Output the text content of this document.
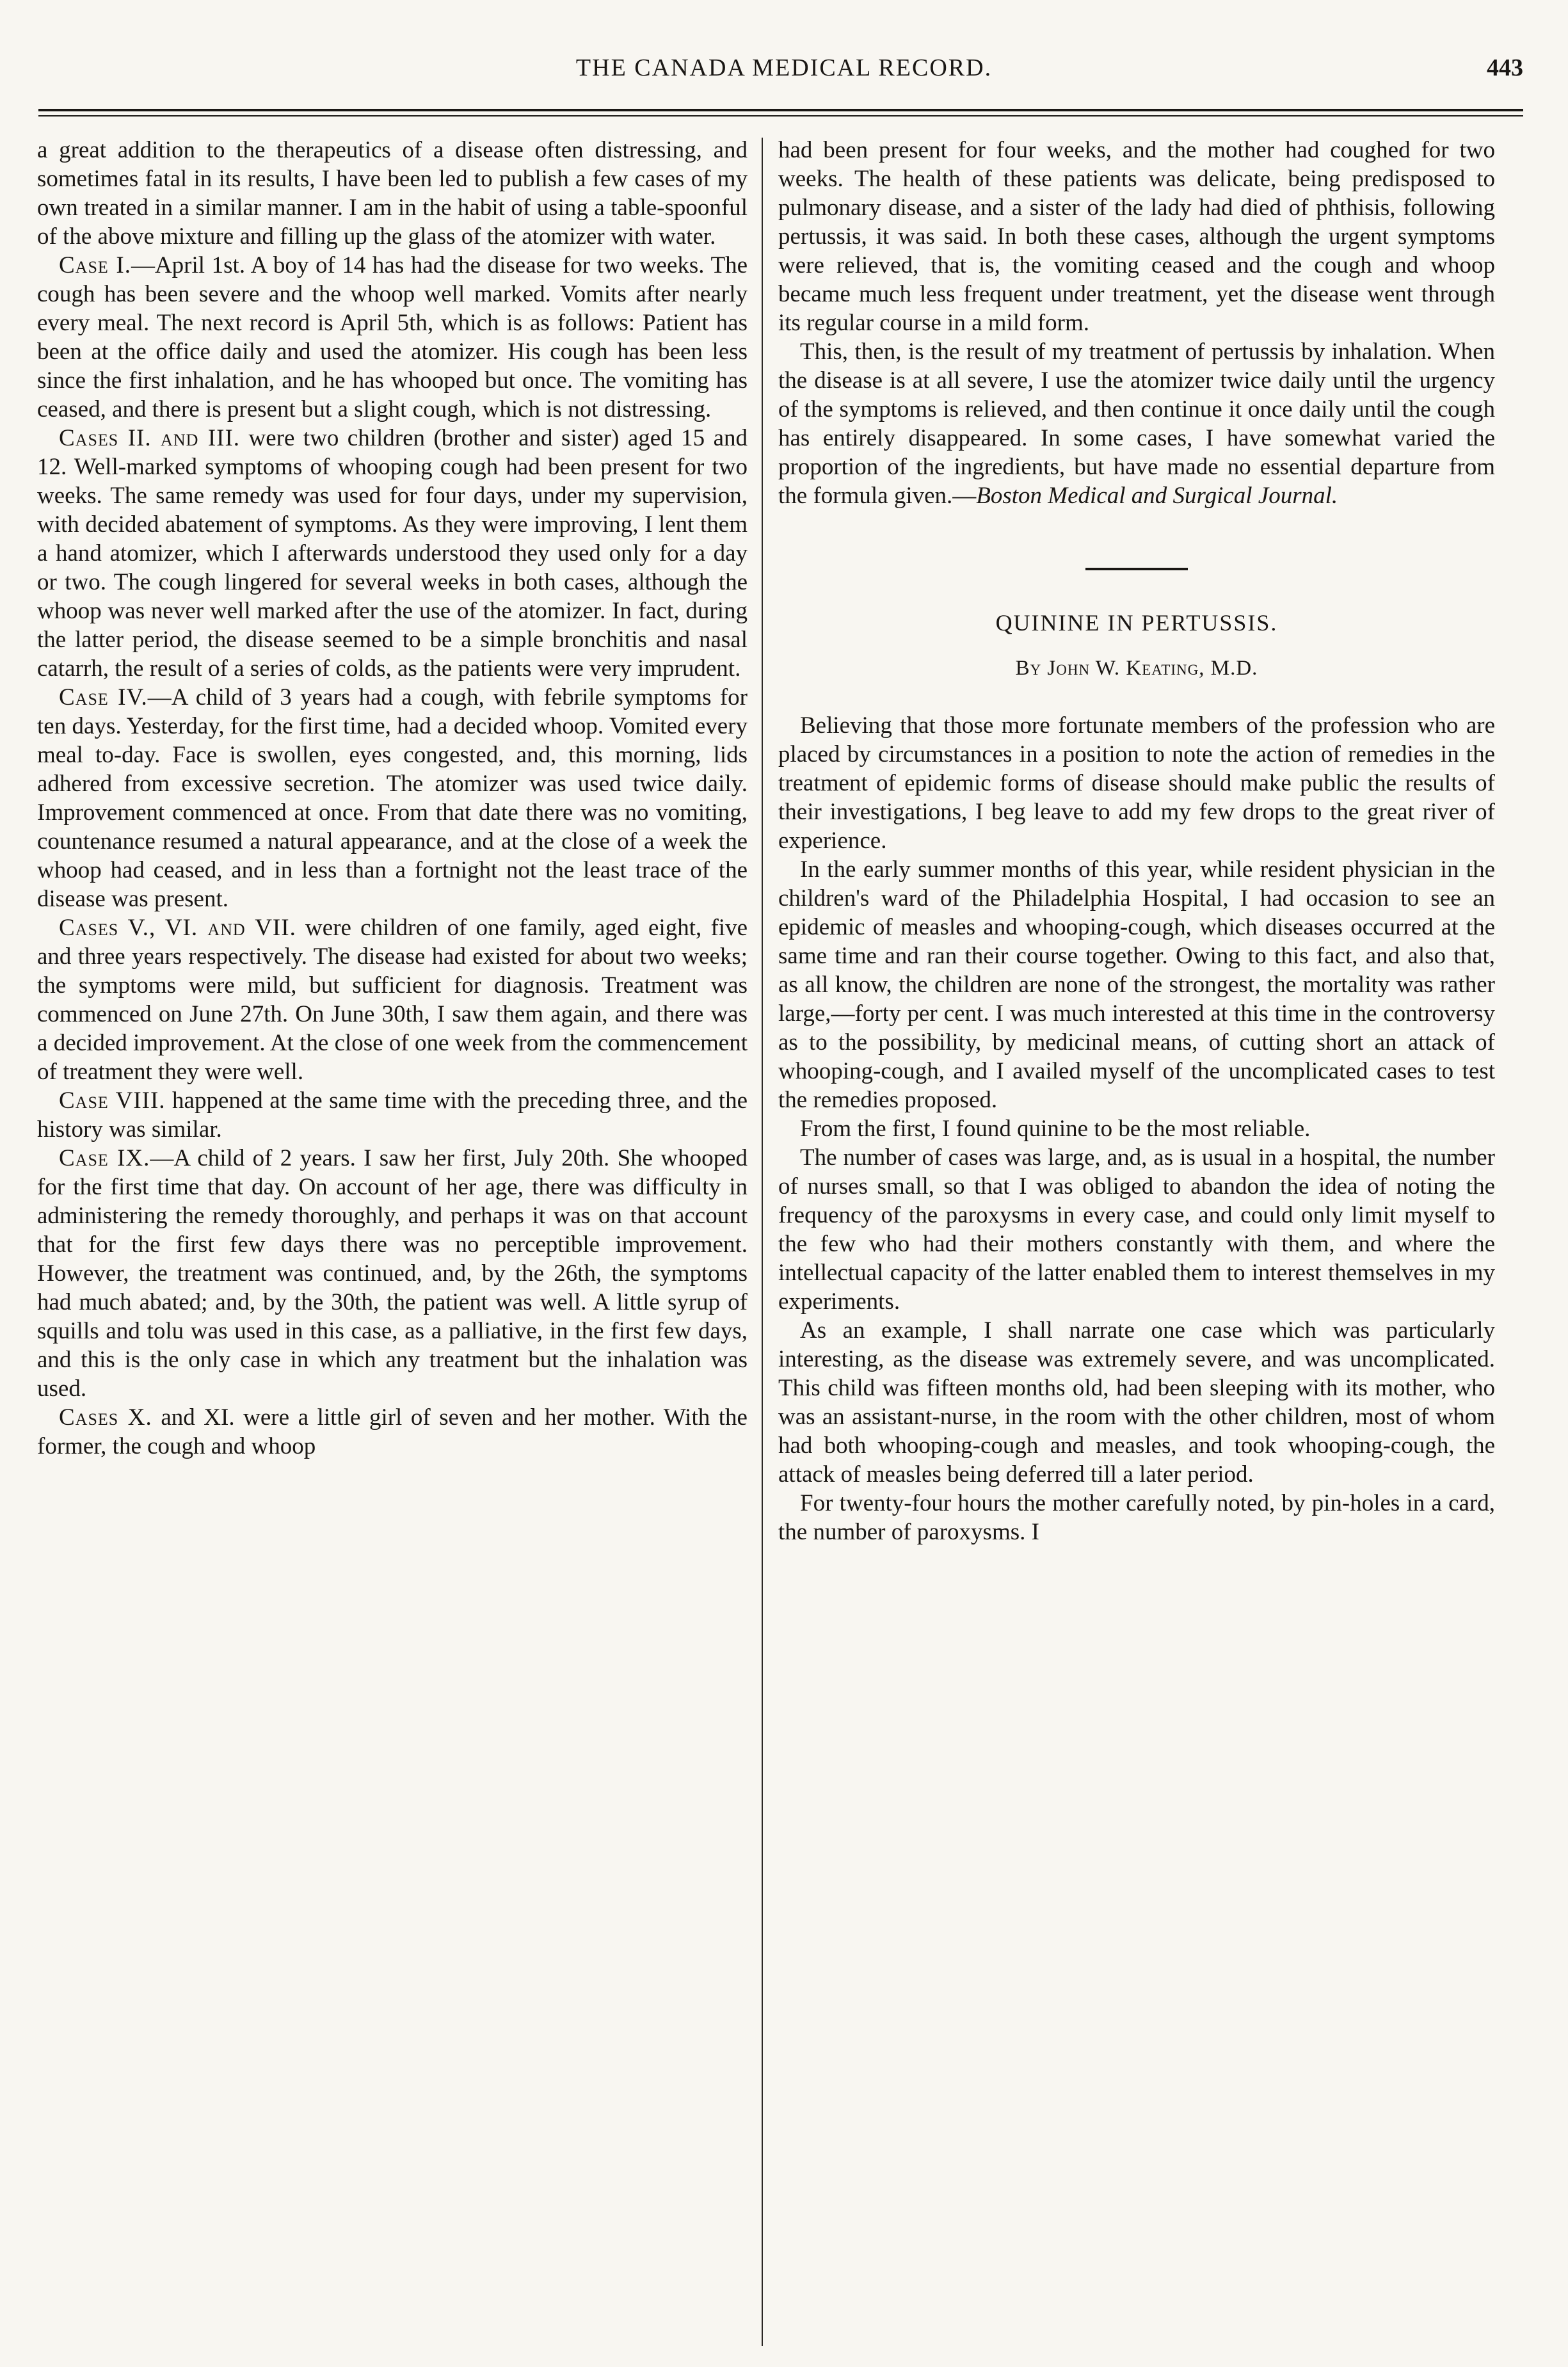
THE CANADA MEDICAL RECORD.	443

a great addition to the therapeutics of a disease often distressing, and sometimes fatal in its results, I have been led to publish a few cases of my own treated in a similar manner. I am in the habit of using a table-spoonful of the above mixture and filling up the glass of the atomizer with water.

Case I.—April 1st. A boy of 14 has had the disease for two weeks. The cough has been severe and the whoop well marked. Vomits after nearly every meal. The next record is April 5th, which is as follows: Patient has been at the office daily and used the atomizer. His cough has been less since the first inhalation, and he has whooped but once. The vomiting has ceased, and there is present but a slight cough, which is not distressing.

Cases II. and III. were two children (brother and sister) aged 15 and 12. Well-marked symptoms of whooping cough had been present for two weeks. The same remedy was used for four days, under my supervision, with decided abatement of symptoms. As they were improving, I lent them a hand atomizer, which I afterwards understood they used only for a day or two. The cough lingered for several weeks in both cases, although the whoop was never well marked after the use of the atomizer. In fact, during the latter period, the disease seemed to be a simple bronchitis and nasal catarrh, the result of a series of colds, as the patients were very imprudent.

Case IV.—A child of 3 years had a cough, with febrile symptoms for ten days. Yesterday, for the first time, had a decided whoop. Vomited every meal to-day. Face is swollen, eyes congested, and, this morning, lids adhered from excessive secretion. The atomizer was used twice daily. Improvement commenced at once. From that date there was no vomiting, countenance resumed a natural appearance, and at the close of a week the whoop had ceased, and in less than a fortnight not the least trace of the disease was present.

Cases V., VI. and VII. were children of one family, aged eight, five and three years respectively. The disease had existed for about two weeks; the symptoms were mild, but sufficient for diagnosis. Treatment was commenced on June 27th. On June 30th, I saw them again, and there was a decided improvement. At the close of one week from the commencement of treatment they were well.

Case VIII. happened at the same time with the preceding three, and the history was similar.

Case IX.—A child of 2 years. I saw her first, July 20th. She whooped for the first time that day. On account of her age, there was difficulty in administering the remedy thoroughly, and perhaps it was on that account that for the first few days there was no perceptible improvement. However, the treatment was continued, and, by the 26th, the symptoms had much abated; and, by the 30th, the patient was well. A little syrup of squills and tolu was used in this case, as a palliative, in the first few days, and this is the only case in which any treatment but the inhalation was used.

Cases X. and XI. were a little girl of seven and her mother. With the former, the cough and whoop

had been present for four weeks, and the mother had coughed for two weeks. The health of these patients was delicate, being predisposed to pulmonary disease, and a sister of the lady had died of phthisis, following pertussis, it was said. In both these cases, although the urgent symptoms were relieved, that is, the vomiting ceased and the cough and whoop became much less frequent under treatment, yet the disease went through its regular course in a mild form.

This, then, is the result of my treatment of pertussis by inhalation. When the disease is at all severe, I use the atomizer twice daily until the urgency of the symptoms is relieved, and then continue it once daily until the cough has entirely disappeared. In some cases, I have somewhat varied the proportion of the ingredients, but have made no essential departure from the formula given.—Boston Medical and Surgical Journal.

QUININE IN PERTUSSIS.
By John W. Keating, M.D.

Believing that those more fortunate members of the profession who are placed by circumstances in a position to note the action of remedies in the treatment of epidemic forms of disease should make public the results of their investigations, I beg leave to add my few drops to the great river of experience.

In the early summer months of this year, while resident physician in the children's ward of the Philadelphia Hospital, I had occasion to see an epidemic of measles and whooping-cough, which diseases occurred at the same time and ran their course together. Owing to this fact, and also that, as all know, the children are none of the strongest, the mortality was rather large,—forty per cent. I was much interested at this time in the controversy as to the possibility, by medicinal means, of cutting short an attack of whooping-cough, and I availed myself of the uncomplicated cases to test the remedies proposed.

From the first, I found quinine to be the most reliable.

The number of cases was large, and, as is usual in a hospital, the number of nurses small, so that I was obliged to abandon the idea of noting the frequency of the paroxysms in every case, and could only limit myself to the few who had their mothers constantly with them, and where the intellectual capacity of the latter enabled them to interest themselves in my experiments.

As an example, I shall narrate one case which was particularly interesting, as the disease was extremely severe, and was uncomplicated. This child was fifteen months old, had been sleeping with its mother, who was an assistant-nurse, in the room with the other children, most of whom had both whooping-cough and measles, and took whooping-cough, the attack of measles being deferred till a later period.

For twenty-four hours the mother carefully noted, by pin-holes in a card, the number of paroxysms. I
